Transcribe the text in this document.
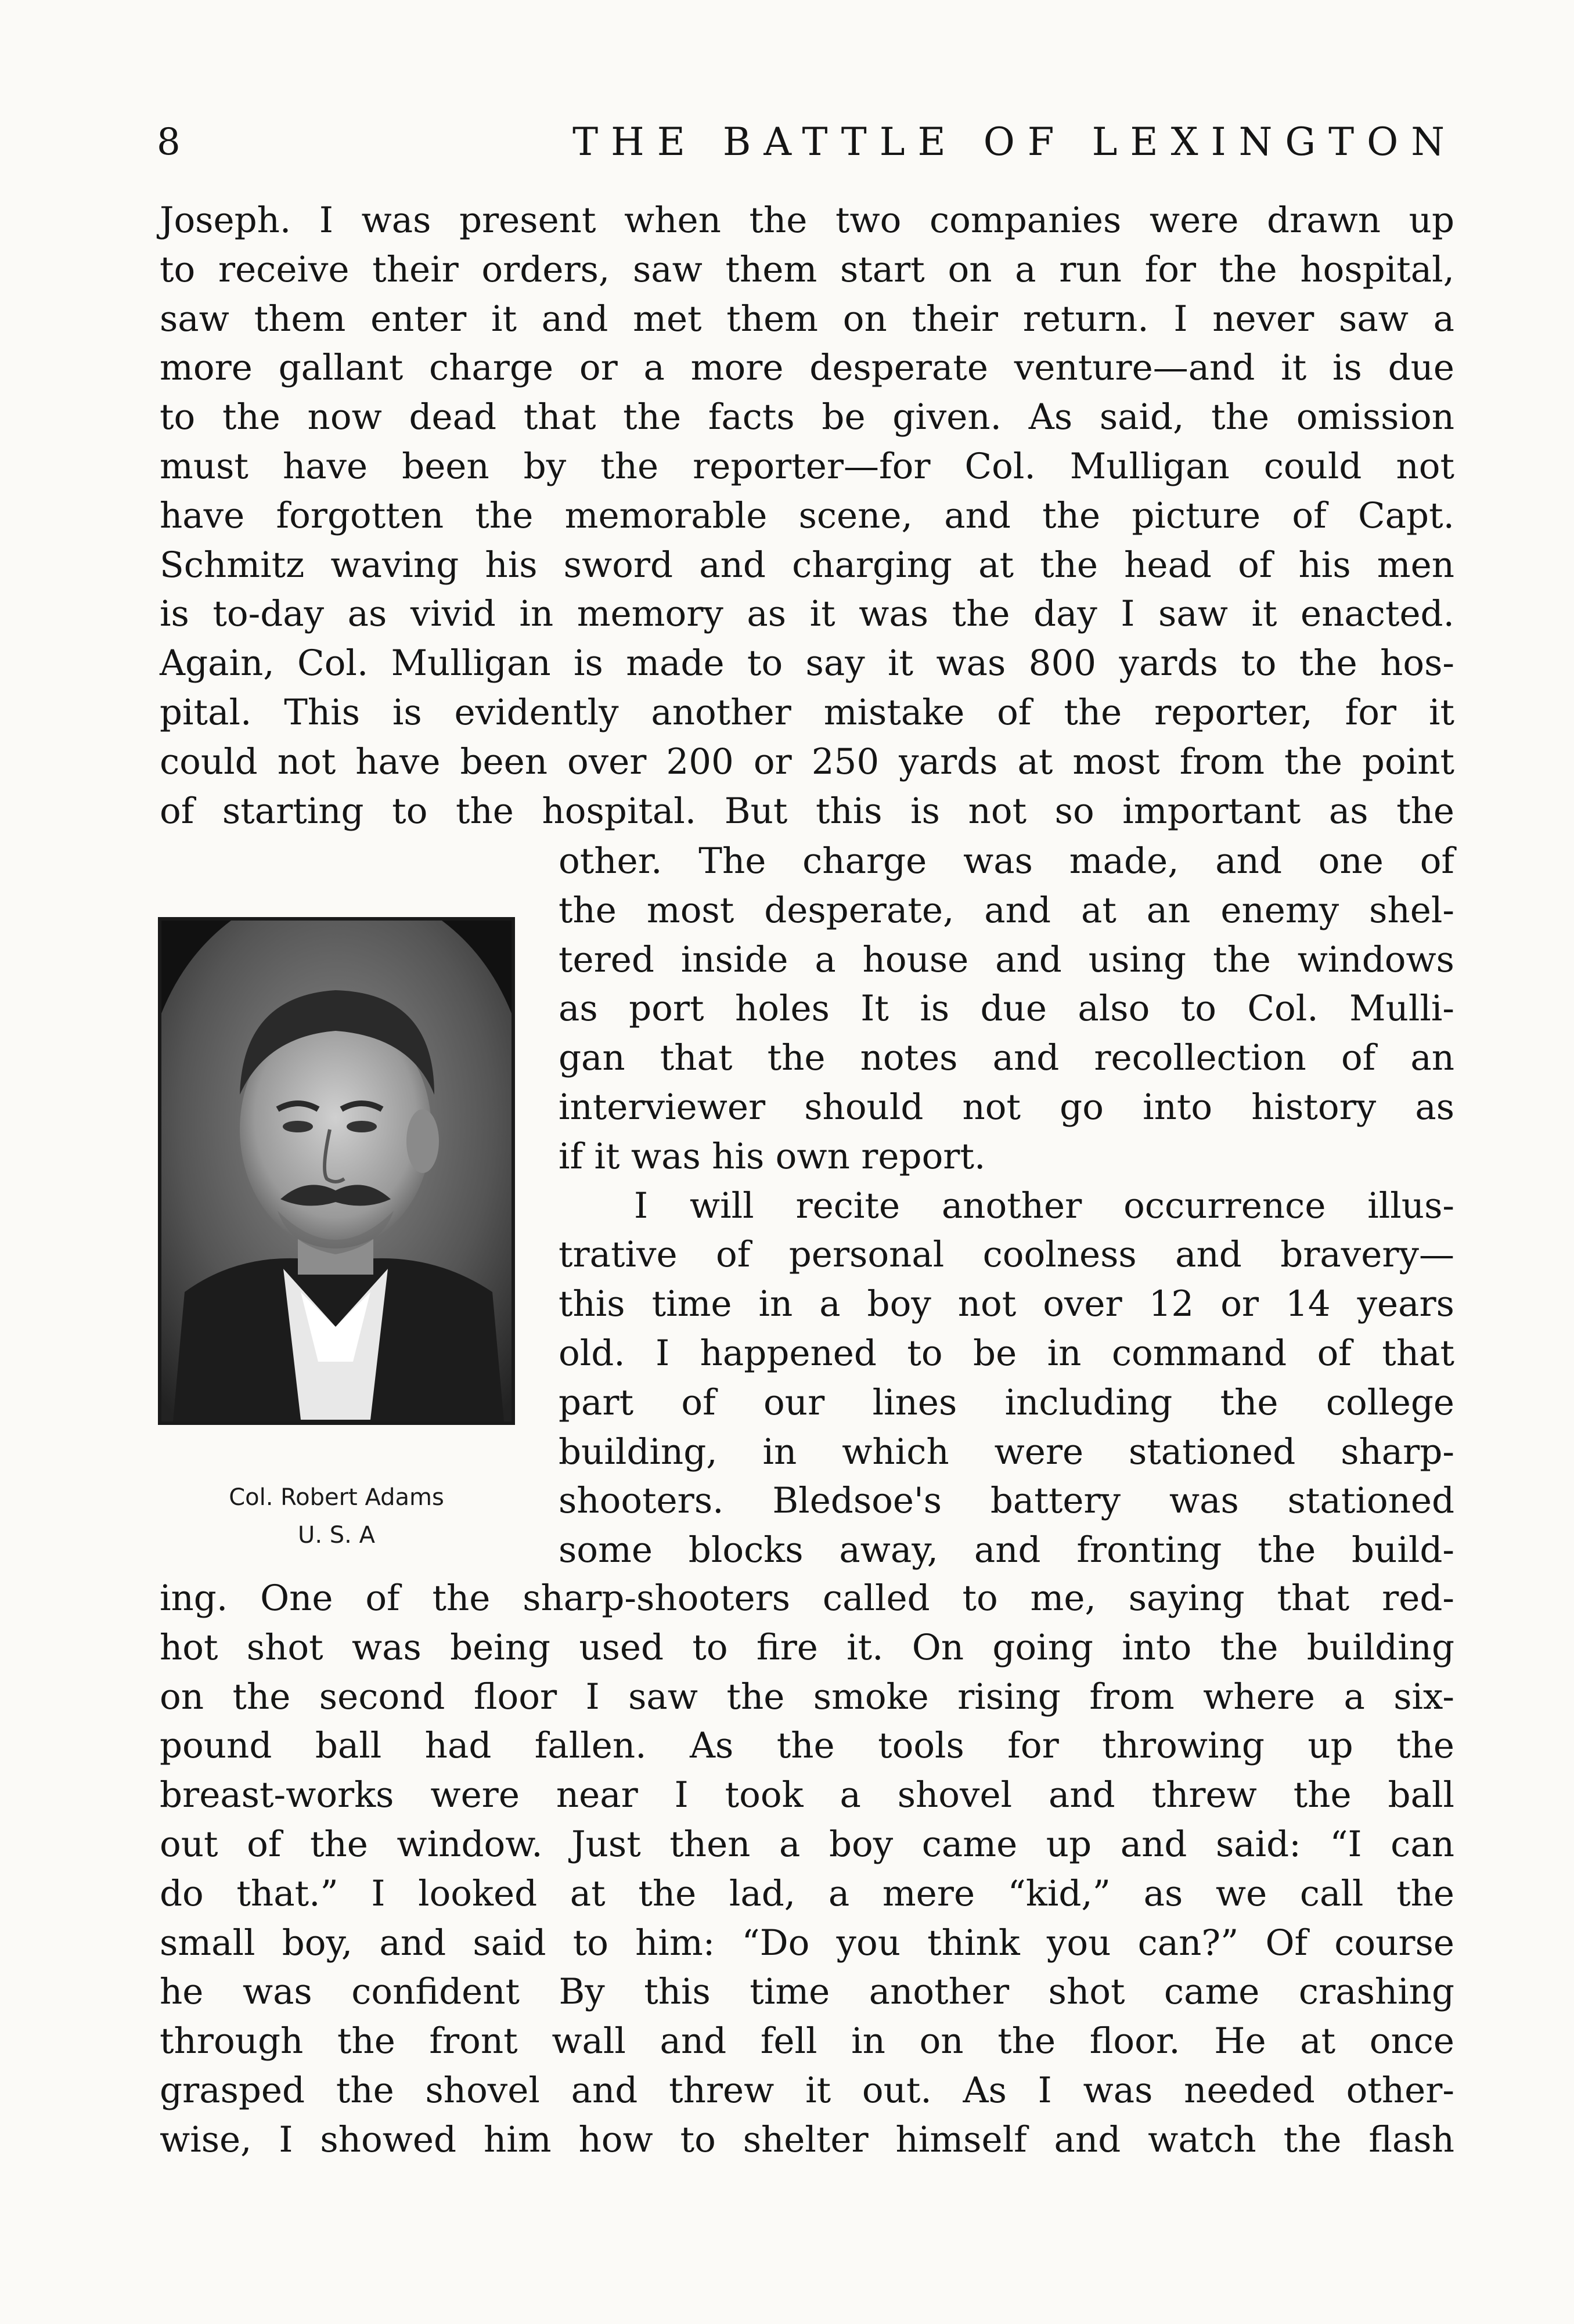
8	THE BATTLE OF LEXINGTON
Joseph. I was present when the two companies were drawn up
to receive their orders, saw them start on a run for the hospital,
saw them enter it and met them on their return. I never saw a
more gallant charge or a more desperate venture—and it is due
to the now dead that the facts be given. As said, the omission
must have been by the reporter—for Col. Mulligan could not
have forgotten the memorable scene, and the picture of Capt.
Schmitz waving his sword and charging at the head of his men
is to-day as vivid in memory as it was the day I saw it enacted.
Again, Col. Mulligan is made to say it was 800 yards to the hos-
pital. This is evidently another mistake of the reporter, for it
could not have been over 200 or 250 yards at most from the point
of starting to the hospital. But this is not so important as the
Col. Robert Adams
U. S. A
other. The charge was made, and one of
the most desperate, and at an enemy shel-
tered inside a house and using the windows
as port holes It is due also to Col. Mulli-
gan that the notes and recollection of an
interviewer should not go into history as
if it was his own report.
I will recite another occurrence illus-
trative of personal coolness and bravery—
this time in a boy not over 12 or 14 years
old. I happened to be in command of that
part of our lines including the college
building, in which were stationed sharp-
shooters. Bledsoe's battery was stationed
some blocks away, and fronting the build-
ing. One of the sharp-shooters called to me, saying that red-
hot shot was being used to fire it. On going into the building
on the second floor I saw the smoke rising from where a six-
pound ball had fallen. As the tools for throwing up the
breast-works were near I took a shovel and threw the ball
out of the window. Just then a boy came up and said: “I can
do that.” I looked at the lad, a mere “kid,” as we call the
small boy, and said to him: “Do you think you can?” Of course
he was confident By this time another shot came crashing
through the front wall and fell in on the floor. He at once
grasped the shovel and threw it out. As I was needed other-
wise, I showed him how to shelter himself and watch the flash
